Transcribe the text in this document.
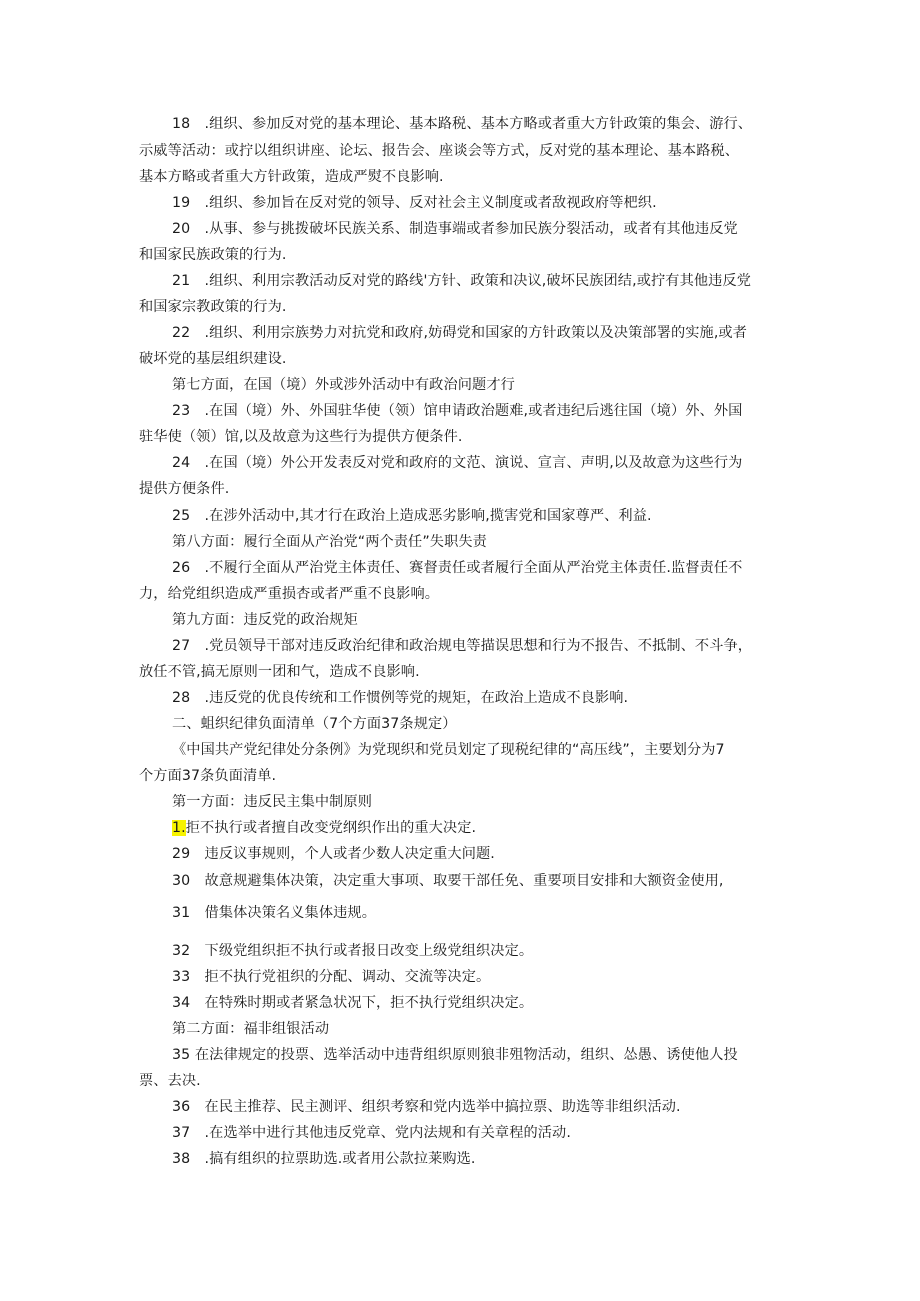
18　.组织、参加反对党的基本理论、基本路税、基本方略或者重大方针政策的集会、游行、
示威等活动：或拧以组织讲座、论坛、报告会、座谈会等方式，反对党的基本理论、基本路税、
基本方略或者重大方针政策，造成严熨不良影响.
19　.组织、参加旨在反对党的领导、反对社会主义制度或者敌视政府等杷织.
20　.从事、参与挑拨破坏民族关系、制造事端或者参加民族分裂活动，或者有其他违反党
和国家民族政策的行为.
21　.组织、利用宗教活动反对党的路线'方针、政策和决议,破坏民族团结,或拧有其他违反党
和国家宗教政策的行为.
22　.组织、利用宗族势力对抗党和政府,妨碍党和国家的方针政策以及决策部署的实施,或者
破坏党的基层组织建设.
第七方面，在国（境）外或涉外活动中有政治问题才行
23　.在国（境）外、外国驻华使（领）馆申请政治题难,或者违纪后逃往国（境）外、外国
驻华使（领）馆,以及故意为这些行为提供方便条件.
24　.在国（境）外公开发表反对党和政府的文范、演说、宣言、声明,以及故意为这些行为
提供方便条件.
25　.在涉外活动中,其才行在政治上造成恶劣影响,揽害党和国家尊严、利益.
第八方面：履行全面从产治党“两个责任”失职失责
26　.不履行全面从严治党主体责任、赛督责任或者履行全面从严治党主体责任.监督责任不
力，给党组织造成严重损杏或者严重不良影响。
第九方面：违反党的政治规矩
27　.党员领导干部对违反政治纪律和政治规电等描误思想和行为不报告、不抵制、不斗争，
放任不管,搞无原则一团和气，造成不良影响.
28　.违反党的优良传统和工作惯例等党的规矩，在政治上造成不良影响.
二、蛆织纪律负面清单（7个方面37条规定）
《中国共产党纪律处分条例》为党现织和党员划定了现税纪律的“高压线”，主要划分为7
个方面37条负面清单.
第一方面：违反民主集中制原则
1.拒不执行或者擅自改变党纲织作出的重大决定.
29　违反议事规则，个人或者少数人决定重大问题.
30　故意规避集体决策，决定重大事项、取要干部任免、重要项目安排和大额资金使用,
31　借集体决策名义集体违规。
32　下级党组织拒不执行或者报日改变上级党组织决定。
33　拒不执行党祖织的分配、调动、交流等决定。
34　在特殊时期或者紧急状况下，拒不执行党组织决定。
第二方面：福非组银活动
35 在法律规定的投票、选举活动中违背组织原则狼非殂物活动，组织、怂愚、诱使他人投
票、去决.
36　在民主推荐、民主测评、组织考察和党内选举中搞拉票、助选等非组织活动.
37　.在选举中进行其他违反党章、党内法规和有关章程的活动.
38　.搞有组织的拉票助选.或者用公款拉莱购选.
